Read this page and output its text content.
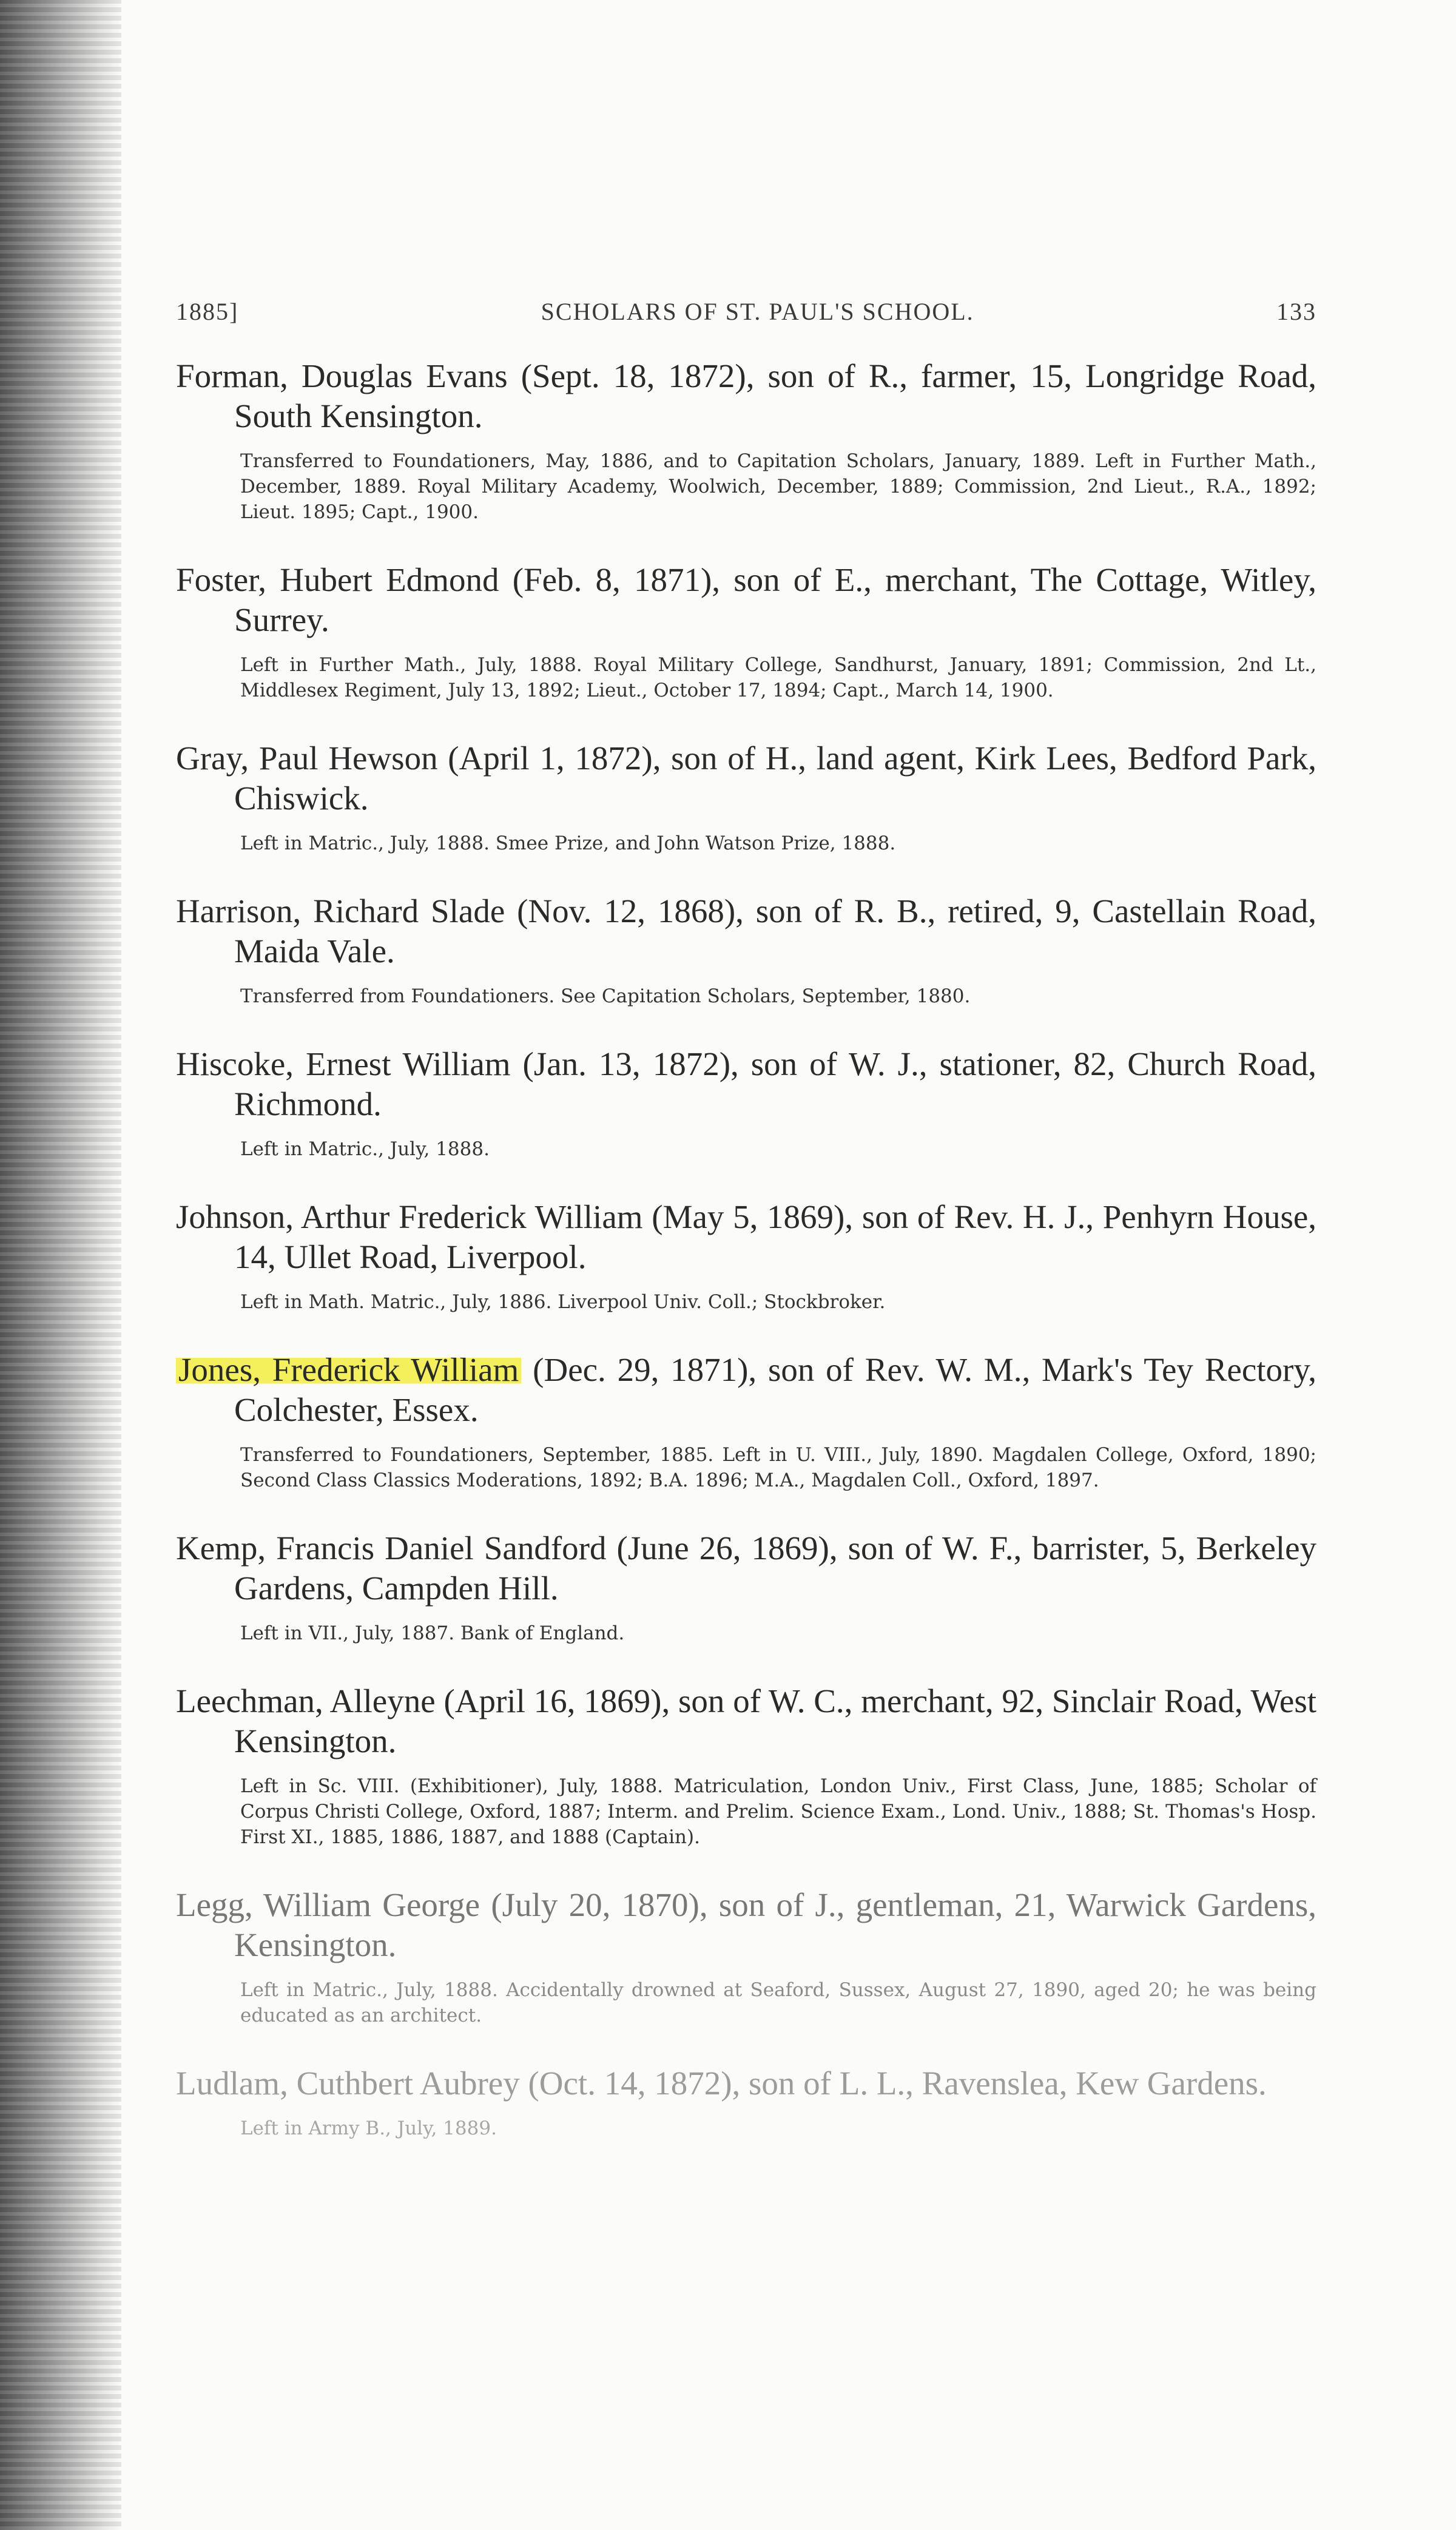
1885]	SCHOLARS OF ST. PAUL'S SCHOOL.	133
Forman, Douglas Evans (Sept. 18, 1872), son of R., farmer, 15, Longridge Road, South Kensington.
Transferred to Foundationers, May, 1886, and to Capitation Scholars, January, 1889. Left in Further Math., December, 1889. Royal Military Academy, Woolwich, December, 1889; Commission, 2nd Lieut., R.A., 1892; Lieut. 1895; Capt., 1900.
Foster, Hubert Edmond (Feb. 8, 1871), son of E., merchant, The Cottage, Witley, Surrey.
Left in Further Math., July, 1888. Royal Military College, Sandhurst, January, 1891; Commission, 2nd Lt., Middlesex Regiment, July 13, 1892; Lieut., October 17, 1894; Capt., March 14, 1900.
Gray, Paul Hewson (April 1, 1872), son of H., land agent, Kirk Lees, Bedford Park, Chiswick.
Left in Matric., July, 1888. Smee Prize, and John Watson Prize, 1888.
Harrison, Richard Slade (Nov. 12, 1868), son of R. B., retired, 9, Castellain Road, Maida Vale.
Transferred from Foundationers. See Capitation Scholars, September, 1880.
Hiscoke, Ernest William (Jan. 13, 1872), son of W. J., stationer, 82, Church Road, Richmond.
Left in Matric., July, 1888.
Johnson, Arthur Frederick William (May 5, 1869), son of Rev. H. J., Penhyrn House, 14, Ullet Road, Liverpool.
Left in Math. Matric., July, 1886. Liverpool Univ. Coll.; Stockbroker.
Jones, Frederick William (Dec. 29, 1871), son of Rev. W. M., Mark's Tey Rectory, Colchester, Essex.
Transferred to Foundationers, September, 1885. Left in U. VIII., July, 1890. Magdalen College, Oxford, 1890; Second Class Classics Moderations, 1892; B.A. 1896; M.A., Magdalen Coll., Oxford, 1897.
Kemp, Francis Daniel Sandford (June 26, 1869), son of W. F., barrister, 5, Berkeley Gardens, Campden Hill.
Left in VII., July, 1887. Bank of England.
Leechman, Alleyne (April 16, 1869), son of W. C., merchant, 92, Sinclair Road, West Kensington.
Left in Sc. VIII. (Exhibitioner), July, 1888. Matriculation, London Univ., First Class, June, 1885; Scholar of Corpus Christi College, Oxford, 1887; Interm. and Prelim. Science Exam., Lond. Univ., 1888; St. Thomas's Hosp. First XI., 1885, 1886, 1887, and 1888 (Captain).
Legg, William George (July 20, 1870), son of J., gentleman, 21, Warwick Gardens, Kensington.
Left in Matric., July, 1888. Accidentally drowned at Seaford, Sussex, August 27, 1890, aged 20; he was being educated as an architect.
Ludlam, Cuthbert Aubrey (Oct. 14, 1872), son of L. L., Ravenslea, Kew Gardens.
Left in Army B., July, 1889.
